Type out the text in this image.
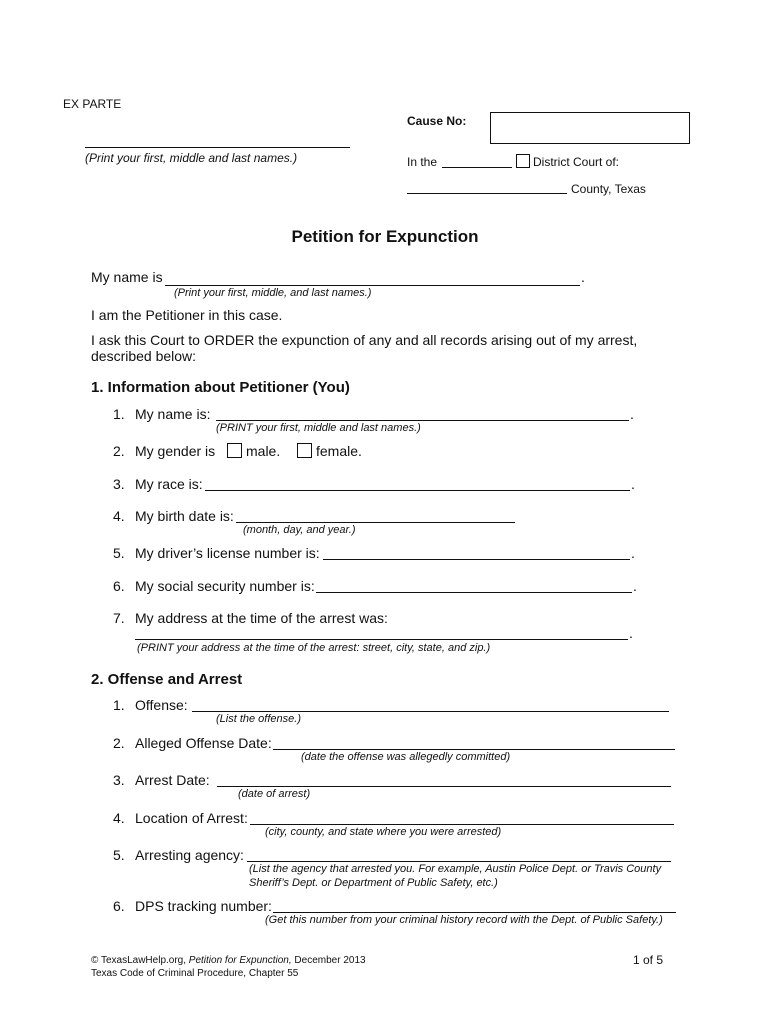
EX PARTE
(Print your first, middle and last names.)
Cause No:
In the	District Court of:
County, Texas
Petition for Expunction
My name is	.
(Print your first, middle, and last names.)
I am the Petitioner in this case.
I ask this Court to ORDER the expunction of any and all records arising out of my arrest,
described below:
1. Information about Petitioner (You)
1. My name is:	.
(PRINT your first, middle and last names.)
2. My gender is male.	female.
3. My race is:	.
4. My birth date is:
(month, day, and year.)
5. My driver’s license number is:	.
6. My social security number is:	.
7. My address at the time of the arrest was:
.
(PRINT your address at the time of the arrest: street, city, state, and zip.)
2. Offense and Arrest
1. Offense:
(List the offense.)
2. Alleged Offense Date:
(date the offense was allegedly committed)
3. Arrest Date:
(date of arrest)
4. Location of Arrest:
(city, county, and state where you were arrested)
5. Arresting agency:
(List the agency that arrested you. For example, Austin Police Dept. or Travis County
Sheriff’s Dept. or Department of Public Safety, etc.)
6. DPS tracking number:
(Get this number from your criminal history record with the Dept. of Public Safety.)
© TexasLawHelp.org, Petition for Expunction, December 2013
Texas Code of Criminal Procedure, Chapter 55
1 of 5
